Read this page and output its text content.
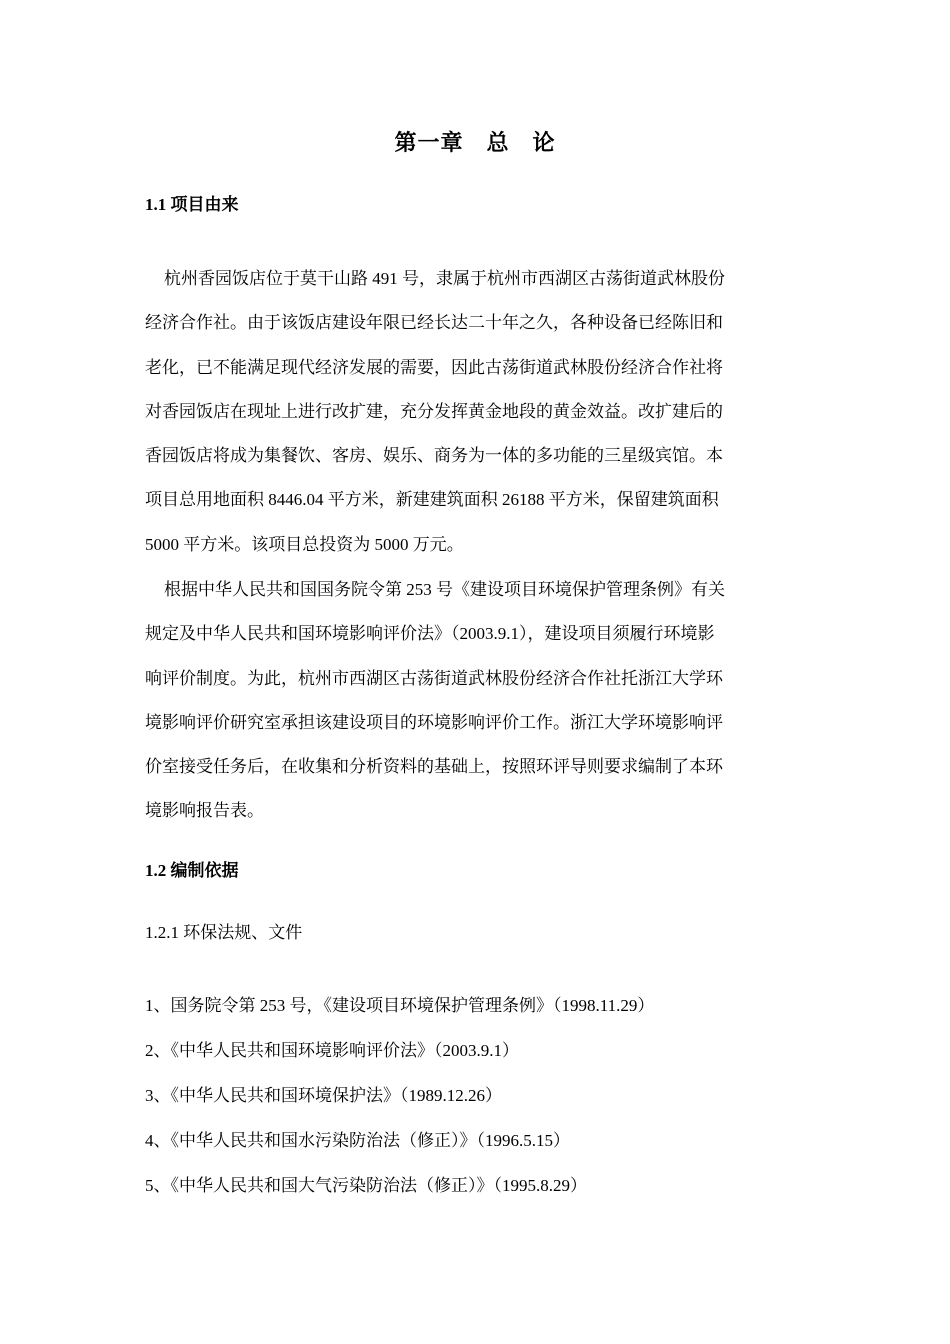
第一章　总　论
1.1 项目由来
杭州香园饭店位于莫干山路 491 号，隶属于杭州市西湖区古荡街道武林股份
经济合作社。由于该饭店建设年限已经长达二十年之久，各种设备已经陈旧和
老化，已不能满足现代经济发展的需要，因此古荡街道武林股份经济合作社将
对香园饭店在现址上进行改扩建，充分发挥黄金地段的黄金效益。改扩建后的
香园饭店将成为集餐饮、客房、娱乐、商务为一体的多功能的三星级宾馆。本
项目总用地面积 8446.04 平方米，新建建筑面积 26188 平方米，保留建筑面积
5000 平方米。该项目总投资为 5000 万元。
根据中华人民共和国国务院令第 253 号《建设项目环境保护管理条例》有关
规定及中华人民共和国环境影响评价法》（2003.9.1），建设项目须履行环境影
响评价制度。为此，杭州市西湖区古荡街道武林股份经济合作社托浙江大学环
境影响评价研究室承担该建设项目的环境影响评价工作。浙江大学环境影响评
价室接受任务后，在收集和分析资料的基础上，按照环评导则要求编制了本环
境影响报告表。
1.2 编制依据
1.2.1 环保法规、文件
1、国务院令第 253 号，《建设项目环境保护管理条例》（1998.11.29）
2、《中华人民共和国环境影响评价法》（2003.9.1）
3、《中华人民共和国环境保护法》（1989.12.26）
4、《中华人民共和国水污染防治法（修正）》（1996.5.15）
5、《中华人民共和国大气污染防治法（修正）》（1995.8.29）
